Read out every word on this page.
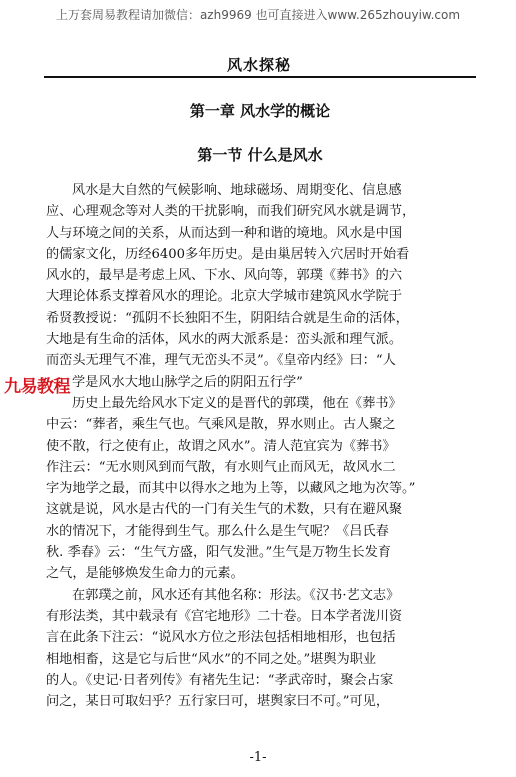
上万套周易教程请加微信：azh9969 也可直接进入www.265zhouyiw.com
风水探秘
第一章 风水学的概论
第一节 什么是风水
风水是大自然的气候影响、地球磁场、周期变化、信息感
应、心理观念等对人类的干扰影响，而我们研究风水就是调节，
人与环境之间的关系，从而达到一种和谐的境地。风水是中国
的儒家文化，历经6400多年历史。是由巢居转入穴居时开始看
风水的，最早是考虑上风、下水、风向等，郭璞《葬书》的六
大理论体系支撑着风水的理论。北京大学城市建筑风水学院于
希贤教授说：“孤阴不长独阳不生，阴阳结合就是生命的活体，
大地是有生命的活体，风水的两大派系是：峦头派和理气派。
而峦头无理气不准，理气无峦头不灵”。《皇帝内经》曰：“人
学是风水大地山脉学之后的阴阳五行学”
历史上最先给风水下定义的是晋代的郭璞，他在《葬书》
中云：“葬者，乘生气也。气乘风是散，界水则止。古人聚之
使不散，行之使有止，故谓之风水”。清人范宜宾为《葬书》
作注云：“无水则风到而气散，有水则气止而风无，故风水二
字为地学之最，而其中以得水之地为上等，以藏风之地为次等。”
这就是说，风水是古代的一门有关生气的术数，只有在避风聚
水的情况下，才能得到生气。那么什么是生气呢？《吕氏春
秋. 季春》云：“生气方盛，阳气发泄。”生气是万物生长发育
之气，是能够焕发生命力的元素。
在郭璞之前，风水还有其他名称：形法。《汉书·艺文志》
有形法类，其中载录有《宫宅地形》二十卷。日本学者泷川资
言在此条下注云：“说风水方位之形法包括相地相形，也包括
相地相畜，这是它与后世“风水”的不同之处。”堪舆为职业
的人。《史记·日者列传》有褚先生记：“孝武帝时，聚会占家
问之，某日可取妇乎？五行家曰可，堪舆家曰不可。”可见，
九易教程
-1-
